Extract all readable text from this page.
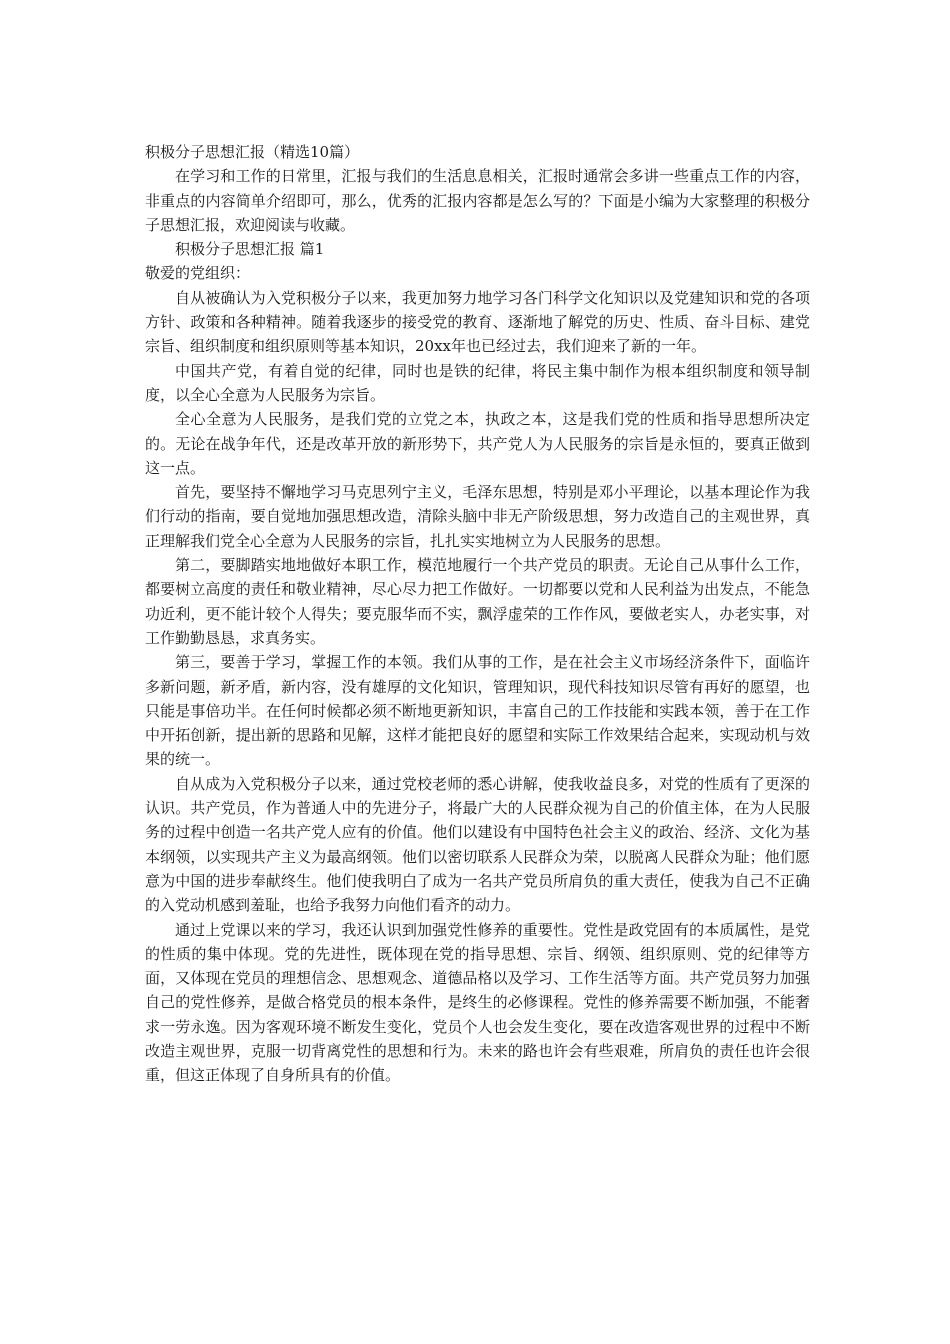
积极分子思想汇报（精选10篇）

在学习和工作的日常里，汇报与我们的生活息息相关，汇报时通常会多讲一些重点工作的内容，非重点的内容简单介绍即可，那么，优秀的汇报内容都是怎么写的？下面是小编为大家整理的积极分子思想汇报，欢迎阅读与收藏。

积极分子思想汇报 篇1

敬爱的党组织：

自从被确认为入党积极分子以来，我更加努力地学习各门科学文化知识以及党建知识和党的各项方针、政策和各种精神。随着我逐步的接受党的教育、逐渐地了解党的历史、性质、奋斗目标、建党宗旨、组织制度和组织原则等基本知识，20xx年也已经过去，我们迎来了新的一年。

中国共产党，有着自觉的纪律，同时也是铁的纪律，将民主集中制作为根本组织制度和领导制度，以全心全意为人民服务为宗旨。

全心全意为人民服务，是我们党的立党之本，执政之本，这是我们党的性质和指导思想所决定的。无论在战争年代，还是改革开放的新形势下，共产党人为人民服务的宗旨是永恒的，要真正做到这一点。

首先，要坚持不懈地学习马克思列宁主义，毛泽东思想，特别是邓小平理论，以基本理论作为我们行动的指南，要自觉地加强思想改造，清除头脑中非无产阶级思想，努力改造自己的主观世界，真正理解我们党全心全意为人民服务的宗旨，扎扎实实地树立为人民服务的思想。

第二，要脚踏实地地做好本职工作，模范地履行一个共产党员的职责。无论自己从事什么工作，都要树立高度的责任和敬业精神，尽心尽力把工作做好。一切都要以党和人民利益为出发点，不能急功近利，更不能计较个人得失；要克服华而不实，飘浮虚荣的工作作风，要做老实人，办老实事，对工作勤勤恳恳，求真务实。

第三，要善于学习，掌握工作的本领。我们从事的工作，是在社会主义市场经济条件下，面临许多新问题，新矛盾，新内容，没有雄厚的文化知识，管理知识，现代科技知识尽管有再好的愿望，也只能是事倍功半。在任何时候都必须不断地更新知识，丰富自己的工作技能和实践本领，善于在工作中开拓创新，提出新的思路和见解，这样才能把良好的愿望和实际工作效果结合起来，实现动机与效果的统一。

自从成为入党积极分子以来，通过党校老师的悉心讲解，使我收益良多，对党的性质有了更深的认识。共产党员，作为普通人中的先进分子，将最广大的人民群众视为自己的价值主体，在为人民服务的过程中创造一名共产党人应有的价值。他们以建设有中国特色社会主义的政治、经济、文化为基本纲领，以实现共产主义为最高纲领。他们以密切联系人民群众为荣，以脱离人民群众为耻；他们愿意为中国的进步奉献终生。他们使我明白了成为一名共产党员所肩负的重大责任，使我为自己不正确的入党动机感到羞耻，也给予我努力向他们看齐的动力。

通过上党课以来的学习，我还认识到加强党性修养的重要性。党性是政党固有的本质属性，是党的性质的集中体现。党的先进性，既体现在党的指导思想、宗旨、纲领、组织原则、党的纪律等方面，又体现在党员的理想信念、思想观念、道德品格以及学习、工作生活等方面。共产党员努力加强自己的党性修养，是做合格党员的根本条件，是终生的必修课程。党性的修养需要不断加强，不能奢求一劳永逸。因为客观环境不断发生变化，党员个人也会发生变化，要在改造客观世界的过程中不断改造主观世界，克服一切背离党性的思想和行为。未来的路也许会有些艰难，所肩负的责任也许会很重，但这正体现了自身所具有的价值。
